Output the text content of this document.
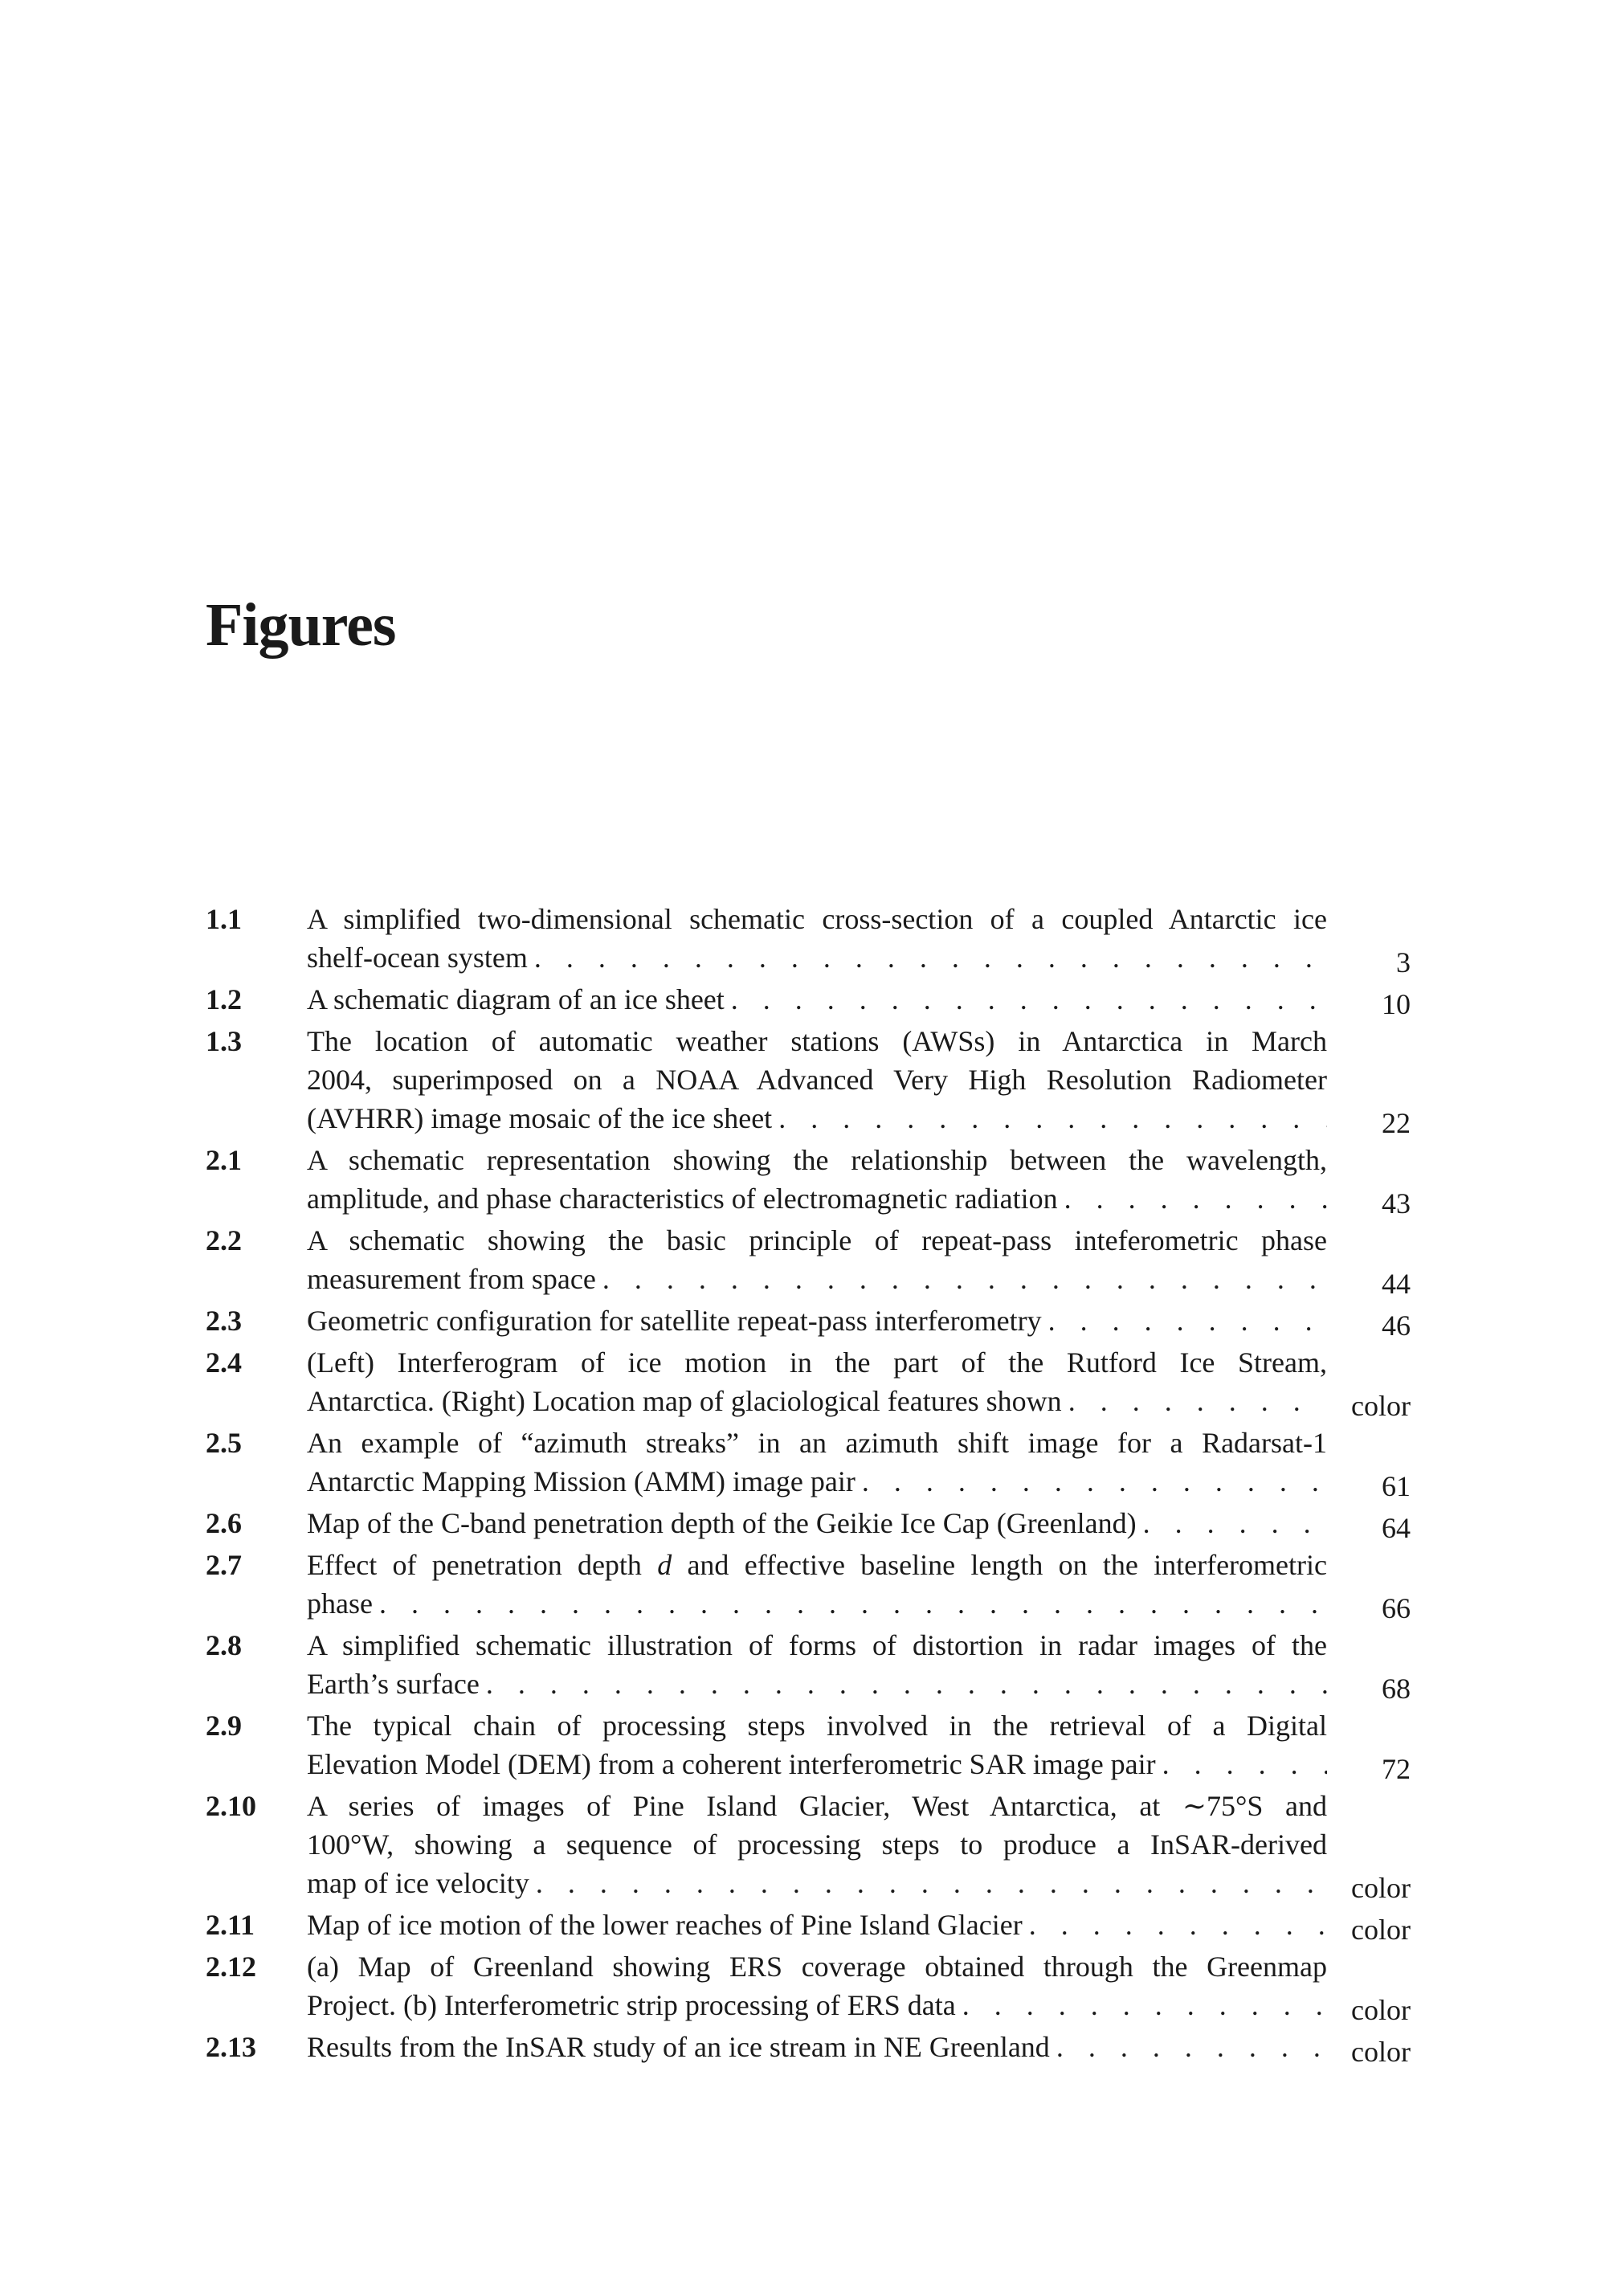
Figures
1.1	A simplified two-dimensional schematic cross-section of a coupled Antarctic ice
shelf-ocean system . . .	3
1.2	A schematic diagram of an ice sheet . . .	10
1.3	The location of automatic weather stations (AWSs) in Antarctica in March
2004, superimposed on a NOAA Advanced Very High Resolution Radiometer
(AVHRR) image mosaic of the ice sheet . . .	22
2.1	A schematic representation showing the relationship between the wavelength,
amplitude, and phase characteristics of electromagnetic radiation . . .	43
2.2	A schematic showing the basic principle of repeat-pass inteferometric phase
measurement from space . . .	44
2.3	Geometric configuration for satellite repeat-pass interferometry . . .	46
2.4	(Left) Interferogram of ice motion in the part of the Rutford Ice Stream,
Antarctica. (Right) Location map of glaciological features shown . . .	color
2.5	An example of “azimuth streaks” in an azimuth shift image for a Radarsat-1
Antarctic Mapping Mission (AMM) image pair . . .	61
2.6	Map of the C-band penetration depth of the Geikie Ice Cap (Greenland) . . .	64
2.7	Effect of penetration depth d and effective baseline length on the interferometric
phase . . .	66
2.8	A simplified schematic illustration of forms of distortion in radar images of the
Earth’s surface . . .	68
2.9	The typical chain of processing steps involved in the retrieval of a Digital
Elevation Model (DEM) from a coherent interferometric SAR image pair . . .	72
2.10	A series of images of Pine Island Glacier, West Antarctica, at ∼75°S and
100°W, showing a sequence of processing steps to produce a InSAR-derived
map of ice velocity . . .	color
2.11	Map of ice motion of the lower reaches of Pine Island Glacier . . .	color
2.12	(a) Map of Greenland showing ERS coverage obtained through the Greenmap
Project. (b) Interferometric strip processing of ERS data . . .	color
2.13	Results from the InSAR study of an ice stream in NE Greenland . . .	color
